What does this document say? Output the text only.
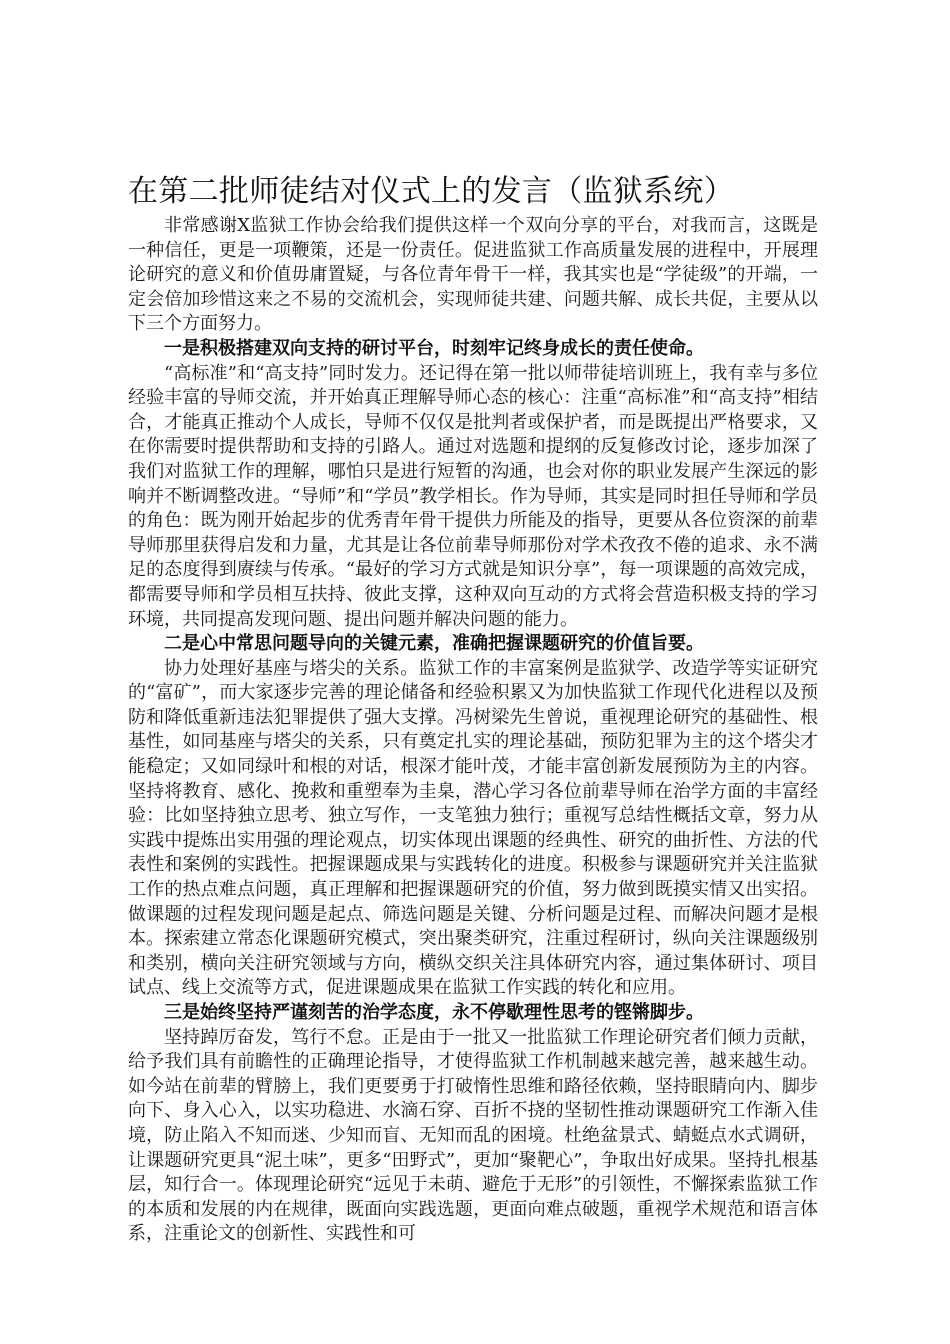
在第二批师徒结对仪式上的发言（监狱系统）

非常感谢X监狱工作协会给我们提供这样一个双向分享的平台，对我而言，这既是一种信任，更是一项鞭策，还是一份责任。促进监狱工作高质量发展的进程中，开展理论研究的意义和价值毋庸置疑，与各位青年骨干一样，我其实也是“学徒级”的开端，一定会倍加珍惜这来之不易的交流机会，实现师徒共建、问题共解、成长共促，主要从以下三个方面努力。

一是积极搭建双向支持的研讨平台，时刻牢记终身成长的责任使命。

“高标准”和“高支持”同时发力。还记得在第一批以师带徒培训班上，我有幸与多位经验丰富的导师交流，并开始真正理解导师心态的核心：注重“高标准”和“高支持”相结合，才能真正推动个人成长，导师不仅仅是批判者或保护者，而是既提出严格要求，又在你需要时提供帮助和支持的引路人。通过对选题和提纲的反复修改讨论，逐步加深了我们对监狱工作的理解，哪怕只是进行短暂的沟通，也会对你的职业发展产生深远的影响并不断调整改进。“导师”和“学员”教学相长。作为导师，其实是同时担任导师和学员的角色：既为刚开始起步的优秀青年骨干提供力所能及的指导，更要从各位资深的前辈导师那里获得启发和力量，尤其是让各位前辈导师那份对学术孜孜不倦的追求、永不满足的态度得到赓续与传承。“最好的学习方式就是知识分享”，每一项课题的高效完成，都需要导师和学员相互扶持、彼此支撑，这种双向互动的方式将会营造积极支持的学习环境，共同提高发现问题、提出问题并解决问题的能力。

二是心中常思问题导向的关键元素，准确把握课题研究的价值旨要。

协力处理好基座与塔尖的关系。监狱工作的丰富案例是监狱学、改造学等实证研究的“富矿”，而大家逐步完善的理论储备和经验积累又为加快监狱工作现代化进程以及预防和降低重新违法犯罪提供了强大支撑。冯树梁先生曾说，重视理论研究的基础性、根基性，如同基座与塔尖的关系，只有奠定扎实的理论基础，预防犯罪为主的这个塔尖才能稳定；又如同绿叶和根的对话，根深才能叶茂，才能丰富创新发展预防为主的内容。坚持将教育、感化、挽救和重塑奉为圭臬，潜心学习各位前辈导师在治学方面的丰富经验：比如坚持独立思考、独立写作，一支笔独力独行；重视写总结性概括文章，努力从实践中提炼出实用强的理论观点，切实体现出课题的经典性、研究的曲折性、方法的代表性和案例的实践性。把握课题成果与实践转化的进度。积极参与课题研究并关注监狱工作的热点难点问题，真正理解和把握课题研究的价值，努力做到既摸实情又出实招。做课题的过程发现问题是起点、筛选问题是关键、分析问题是过程、而解决问题才是根本。探索建立常态化课题研究模式，突出聚类研究，注重过程研讨，纵向关注课题级别和类别，横向关注研究领域与方向，横纵交织关注具体研究内容，通过集体研讨、项目试点、线上交流等方式，促进课题成果在监狱工作实践的转化和应用。

三是始终坚持严谨刻苦的治学态度，永不停歇理性思考的铿锵脚步。

坚持踔厉奋发，笃行不怠。正是由于一批又一批监狱工作理论研究者们倾力贡献，给予我们具有前瞻性的正确理论指导，才使得监狱工作机制越来越完善，越来越生动。如今站在前辈的臂膀上，我们更要勇于打破惰性思维和路径依赖，坚持眼睛向内、脚步向下、身入心入，以实功稳进、水滴石穿、百折不挠的坚韧性推动课题研究工作渐入佳境，防止陷入不知而迷、少知而盲、无知而乱的困境。杜绝盆景式、蜻蜓点水式调研，让课题研究更具“泥土味”，更多“田野式”，更加“聚靶心”，争取出好成果。坚持扎根基层，知行合一。体现理论研究“远见于未萌、避危于无形”的引领性，不懈探索监狱工作的本质和发展的内在规律，既面向实践选题，更面向难点破题，重视学术规范和语言体系，注重论文的创新性、实践性和可
